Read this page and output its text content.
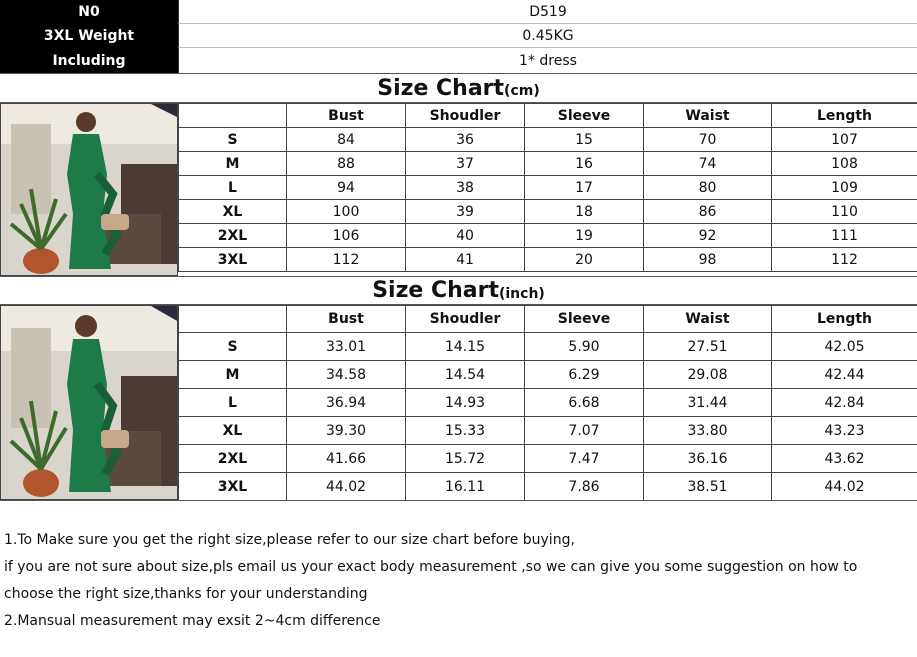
N0	D519
3XL Weight	0.45KG
Including	1* dress
Size Chart (cm)
	Bust	Shoudler	Sleeve	Waist	Length
S	84	36	15	70	107
M	88	37	16	74	108
L	94	38	17	80	109
XL	100	39	18	86	110
2XL	106	40	19	92	111
3XL	112	41	20	98	112
Size Chart (inch)
	Bust	Shoudler	Sleeve	Waist	Length
S	33.01	14.15	5.90	27.51	42.05
M	34.58	14.54	6.29	29.08	42.44
L	36.94	14.93	6.68	31.44	42.84
XL	39.30	15.33	7.07	33.80	43.23
2XL	41.66	15.72	7.47	36.16	43.62
3XL	44.02	16.11	7.86	38.51	44.02
1.To Make sure you get the right size,please refer to our size chart before buying,
if you are not sure about size,pls email us your exact body measurement ,so we can give you some suggestion on how to
choose the right size,thanks for your understanding
2.Mansual measurement may exsit 2~4cm difference
